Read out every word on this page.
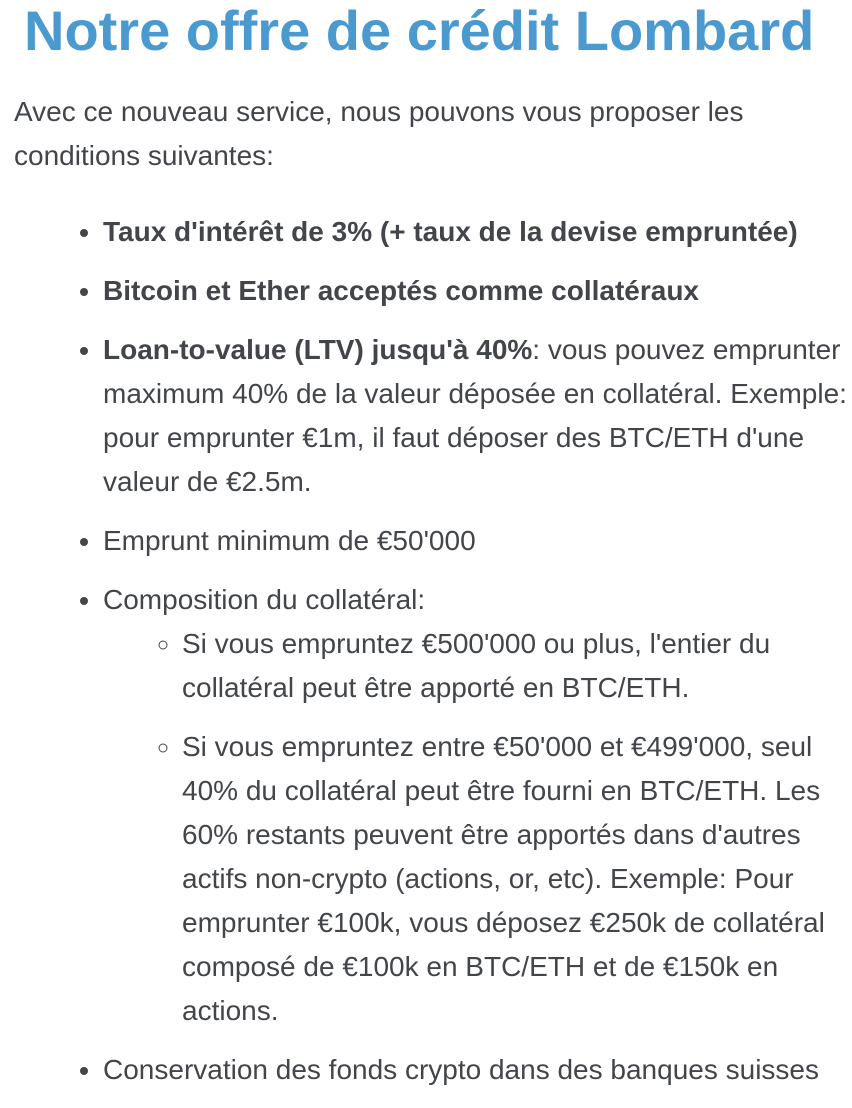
Notre offre de crédit Lombard

Avec ce nouveau service, nous pouvons vous proposer les conditions suivantes:

• Taux d'intérêt de 3% (+ taux de la devise empruntée)
• Bitcoin et Ether acceptés comme collatéraux
• Loan-to-value (LTV) jusqu'à 40%: vous pouvez emprunter maximum 40% de la valeur déposée en collatéral. Exemple: pour emprunter €1m, il faut déposer des BTC/ETH d'une valeur de €2.5m.
• Emprunt minimum de €50'000
• Composition du collatéral:
◦ Si vous empruntez €500'000 ou plus, l'entier du collatéral peut être apporté en BTC/ETH.
◦ Si vous empruntez entre €50'000 et €499'000, seul 40% du collatéral peut être fourni en BTC/ETH. Les 60% restants peuvent être apportés dans d'autres actifs non-crypto (actions, or, etc). Exemple: Pour emprunter €100k, vous déposez €250k de collatéral composé de €100k en BTC/ETH et de €150k en actions.
• Conservation des fonds crypto dans des banques suisses
